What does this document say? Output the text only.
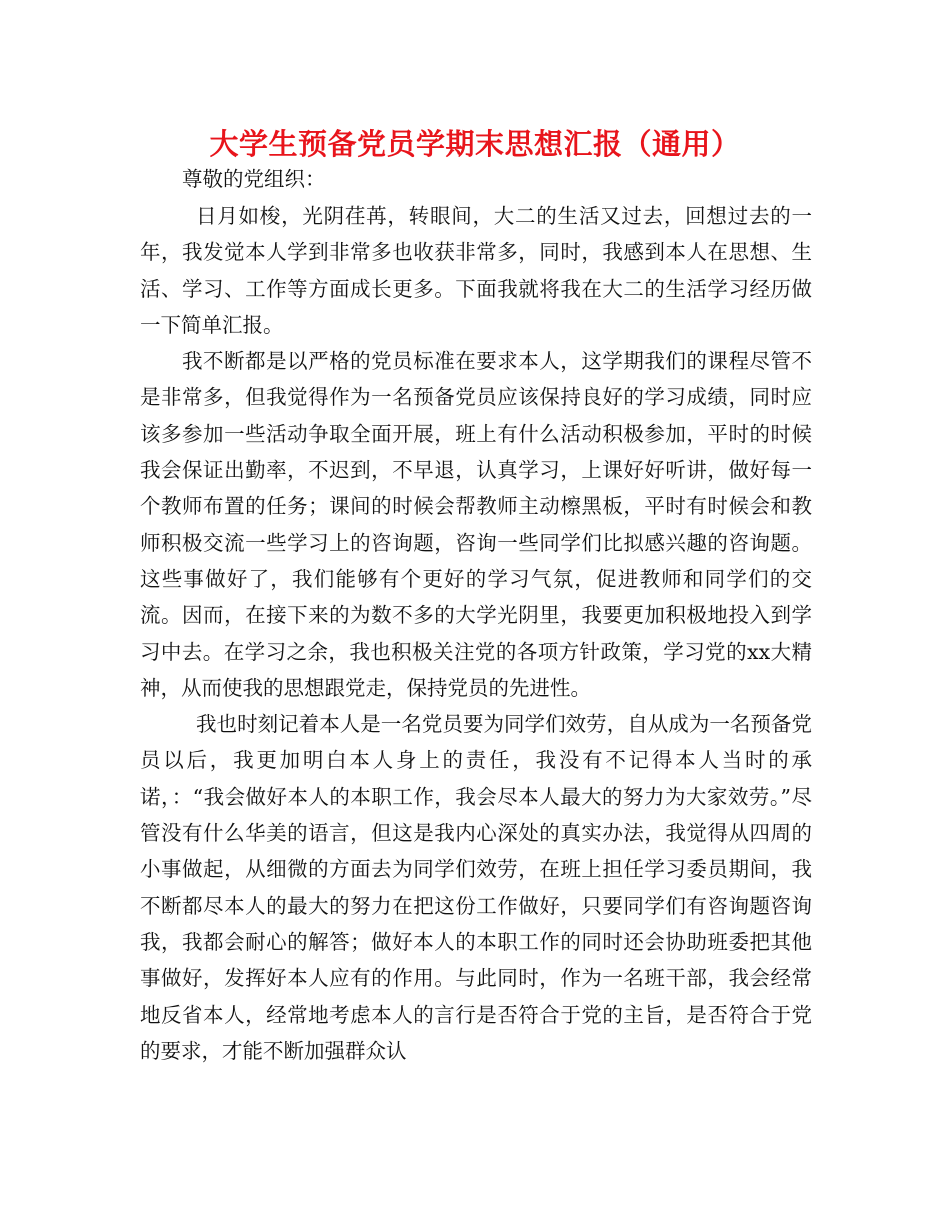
大学生预备党员学期末思想汇报（通用）

尊敬的党组织：

日月如梭，光阴荏苒，转眼间，大二的生活又过去，回想过去的一年，我发觉本人学到非常多也收获非常多，同时，我感到本人在思想、生活、学习、工作等方面成长更多。下面我就将我在大二的生活学习经历做一下简单汇报。

我不断都是以严格的党员标准在要求本人，这学期我们的课程尽管不是非常多，但我觉得作为一名预备党员应该保持良好的学习成绩，同时应该多参加一些活动争取全面开展，班上有什么活动积极参加，平时的时候我会保证出勤率，不迟到，不早退，认真学习，上课好好听讲，做好每一个教师布置的任务；课间的时候会帮教师主动檫黑板，平时有时候会和教师积极交流一些学习上的咨询题，咨询一些同学们比拟感兴趣的咨询题。这些事做好了，我们能够有个更好的学习气氛，促进教师和同学们的交流。因而，在接下来的为数不多的大学光阴里，我要更加积极地投入到学习中去。在学习之余，我也积极关注党的各项方针政策，学习党的xx大精神，从而使我的思想跟党走，保持党员的先进性。

我也时刻记着本人是一名党员要为同学们效劳，自从成为一名预备党员以后，我更加明白本人身上的责任，我没有不记得本人当时的承诺，：“我会做好本人的本职工作，我会尽本人最大的努力为大家效劳。”尽管没有什么华美的语言，但这是我内心深处的真实办法，我觉得从四周的小事做起，从细微的方面去为同学们效劳，在班上担任学习委员期间，我不断都尽本人的最大的努力在把这份工作做好，只要同学们有咨询题咨询我，我都会耐心的解答；做好本人的本职工作的同时还会协助班委把其他事做好，发挥好本人应有的作用。与此同时，作为一名班干部，我会经常地反省本人，经常地考虑本人的言行是否符合于党的主旨，是否符合于党的要求，才能不断加强群众认
